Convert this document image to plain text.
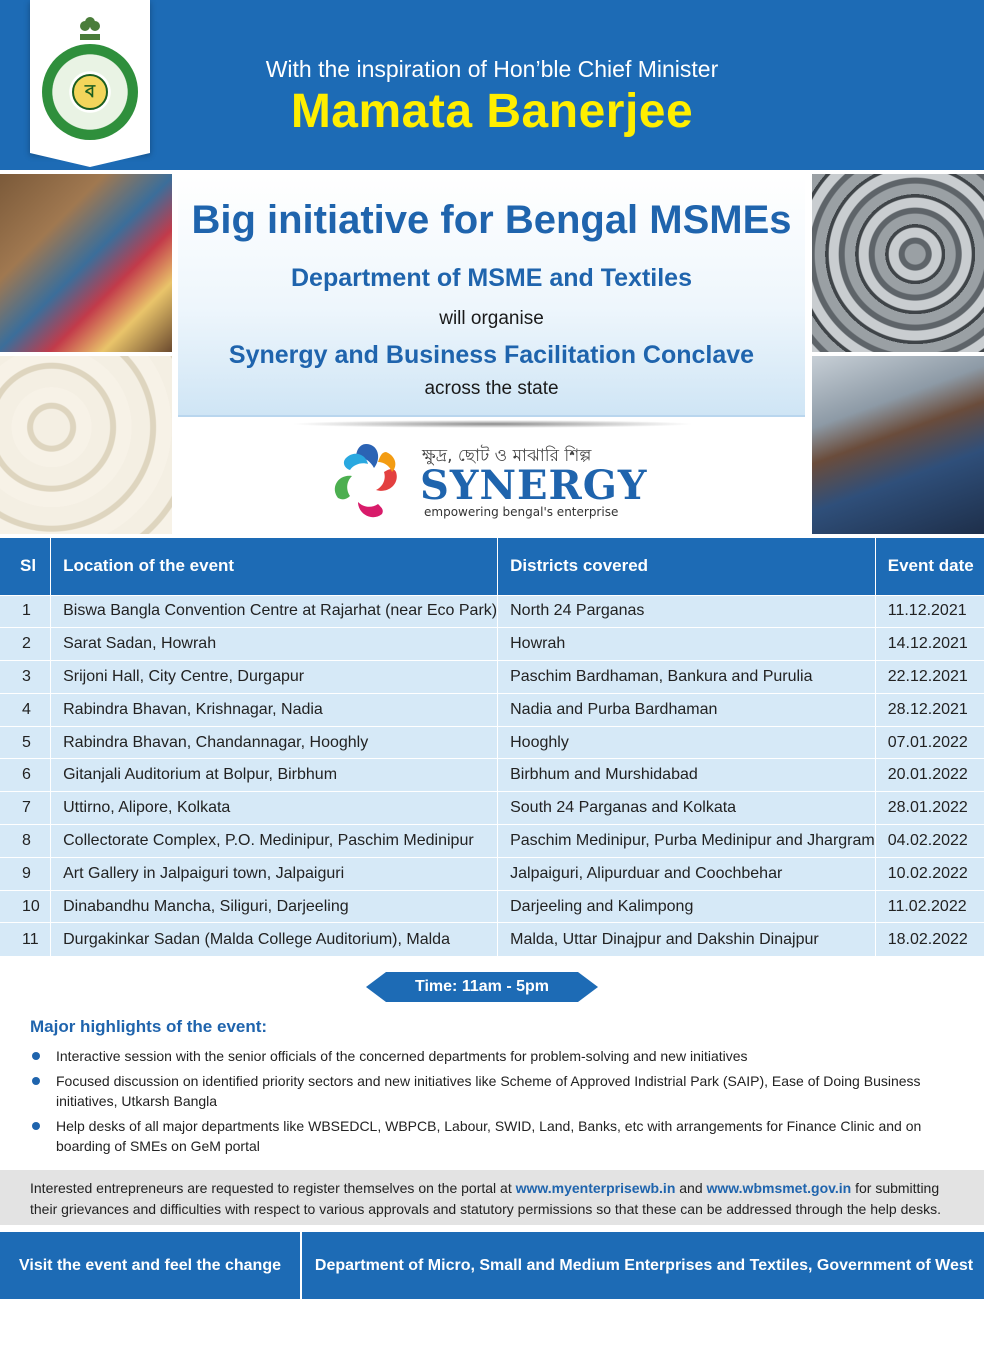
ব
With the inspiration of Hon’ble Chief Minister
Mamata Banerjee
Big initiative for Bengal MSMEs
Department of MSME and Textiles
will organise
Synergy and Business Facilitation Conclave
across the state
ক্ষুদ্র, ছোট ও মাঝারি শিল্প
SYNERGY
empowering bengal's enterprise
Sl	Location of the event	Districts covered	Event date
1	Biswa Bangla Convention Centre at Rajarhat (near Eco Park)	North 24 Parganas	11.12.2021
2	Sarat Sadan, Howrah	Howrah	14.12.2021
3	Srijoni Hall, City Centre, Durgapur	Paschim Bardhaman, Bankura and Purulia	22.12.2021
4	Rabindra Bhavan, Krishnagar, Nadia	Nadia and Purba Bardhaman	28.12.2021
5	Rabindra Bhavan, Chandannagar, Hooghly	Hooghly	07.01.2022
6	Gitanjali Auditorium at Bolpur, Birbhum	Birbhum and Murshidabad	20.01.2022
7	Uttirno, Alipore, Kolkata	South 24 Parganas and Kolkata	28.01.2022
8	Collectorate Complex, P.O. Medinipur, Paschim Medinipur	Paschim Medinipur, Purba Medinipur and Jhargram	04.02.2022
9	Art Gallery in Jalpaiguri town, Jalpaiguri	Jalpaiguri, Alipurduar and Coochbehar	10.02.2022
10	Dinabandhu Mancha, Siliguri, Darjeeling	Darjeeling and Kalimpong	11.02.2022
11	Durgakinkar Sadan (Malda College Auditorium), Malda	Malda, Uttar Dinajpur and Dakshin Dinajpur	18.02.2022
Time: 11am - 5pm
Major highlights of the event:
Interactive session with the senior officials of the concerned departments for problem-solving and new initiatives
Focused discussion on identified priority sectors and new initiatives like Scheme of Approved Indistrial Park (SAIP), Ease of Doing Business initiatives, Utkarsh Bangla
Help desks of all major departments like WBSEDCL, WBPCB, Labour, SWID, Land, Banks, etc with arrangements for Finance Clinic and on boarding of SMEs on GeM portal
Interested entrepreneurs are requested to register themselves on the portal at www.myenterprisewb.in and www.wbmsmet.gov.in for submitting their grievances and difficulties with respect to various approvals and statutory permissions so that these can be addressed through the help desks.
Visit the event and feel the change	Department of Micro, Small and Medium Enterprises and Textiles, Government of West Bengal
